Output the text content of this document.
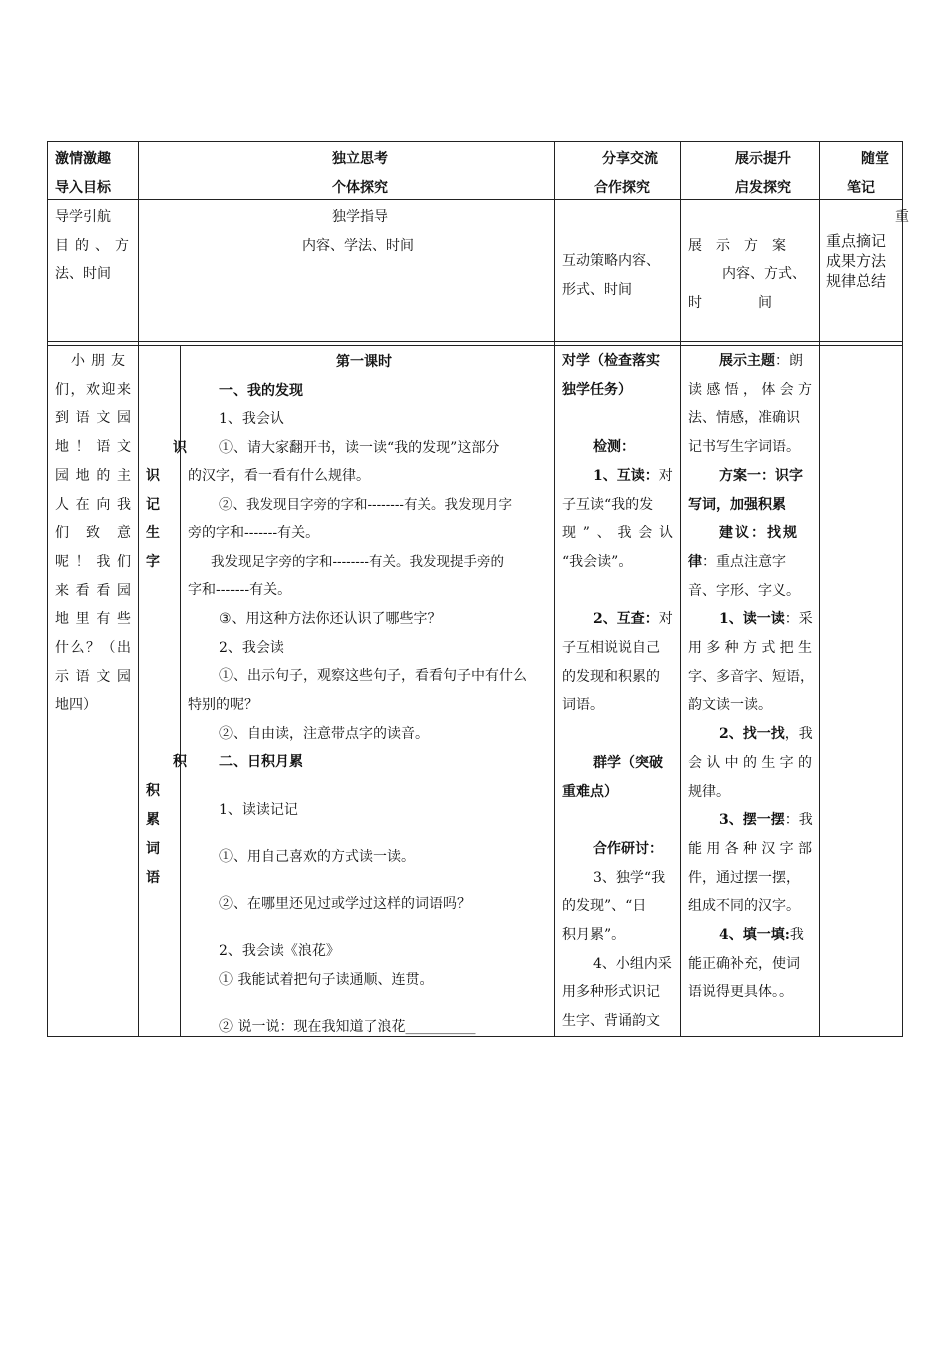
激情激趣
导入目标
独立思考
个体探究
分享交流
合作探究
展示提升
启发探究
随堂
笔记
导学引航
目的、方
法、时间
独学指导
内容、学法、时间
互动策略内容、
形式、时间
展　示　方　案
内容、方式、
时　　　　间
重
重点摘记
成果方法
规律总结
小朋友
们，欢迎来
到语文园
地！语文
园地的主
人在向我
们致意
呢！我们
来看看园
地里有些
什么？（出
示语文园
地四）
识
识
记
生
字
积
积
累
词
语
第一课时
一、我的发现
1、我会认
①、请大家翻开书，读一读“我的发现”这部分
的汉字，看一看有什么规律。
②、我发现目字旁的字和--------有关。我发现月字
旁的字和-------有关。
我发现足字旁的字和--------有关。我发现提手旁的
字和-------有关。
③、用这种方法你还认识了哪些字？
2、我会读
①、出示句子，观察这些句子，看看句子中有什么
特别的呢？
②、自由读，注意带点字的读音。
二、日积月累
1、读读记记
①、用自己喜欢的方式读一读。
②、在哪里还见过或学过这样的词语吗？
2、我会读《浪花》
① 我能试着把句子读通顺、连贯。
② 说一说：现在我知道了浪花__________
对学（检查落实
独学任务）

检测：
1、互读：对
子互读“我的发
现”、我会认
“我会读”。

2、互查：对
子互相说说自己
的发现和积累的
词语。

群学（突破
重难点）

合作研讨：
3、独学“我
的发现”、“日
积月累”。
4、小组内采
用多种形式识记
生字、背诵韵文
展示主题：朗
读感悟，体会方
法、情感，准确识
记书写生字词语。
方案一：识字
写词，加强积累
建议：找规
律：重点注意字
音、字形、字义。
1、读一读：采
用多种方式把生
字、多音字、短语，
韵文读一读。
2、找一找，我
会认中的生字的
规律。
3、摆一摆：我
能用各种汉字部
件，通过摆一摆，
组成不同的汉字。
4、填一填:我
能正确补充，使词
语说得更具体。。
